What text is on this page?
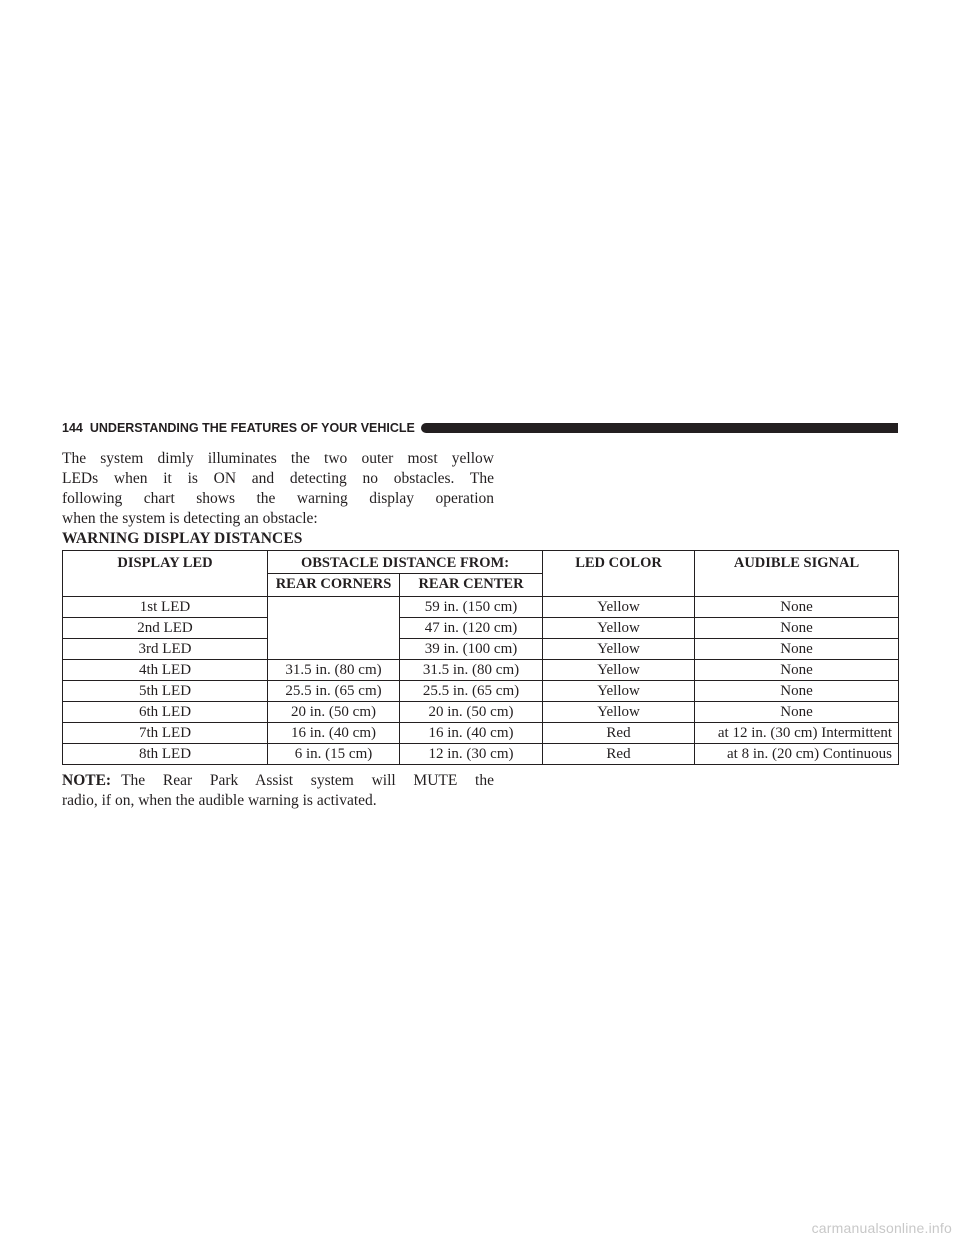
144 UNDERSTANDING THE FEATURES OF YOUR VEHICLE

The system dimly illuminates the two outer most yellow
LEDs when it is ON and detecting no obstacles. The
following chart shows the warning display operation
when the system is detecting an obstacle:

WARNING DISPLAY DISTANCES

DISPLAY LED	OBSTACLE DISTANCE FROM:		LED COLOR	AUDIBLE SIGNAL
	REAR CORNERS	REAR CENTER		
1st LED		59 in. (150 cm)	Yellow	None
2nd LED		47 in. (120 cm)	Yellow	None
3rd LED		39 in. (100 cm)	Yellow	None
4th LED	31.5 in. (80 cm)	31.5 in. (80 cm)	Yellow	None
5th LED	25.5 in. (65 cm)	25.5 in. (65 cm)	Yellow	None
6th LED	20 in. (50 cm)	20 in. (50 cm)	Yellow	None
7th LED	16 in. (40 cm)	16 in. (40 cm)	Red	at 12 in. (30 cm) Intermittent
8th LED	6 in. (15 cm)	12 in. (30 cm)	Red	at 8 in. (20 cm) Continuous

NOTE: The Rear Park Assist system will MUTE the
radio, if on, when the audible warning is activated.

carmanualsonline.info
